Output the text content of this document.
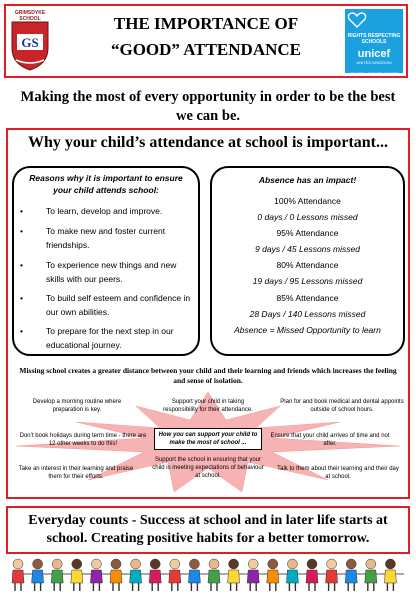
GS
GRIMSDYKE
SCHOOL	THE IMPORTANCE OF
“GOOD” ATTENDANCE
RIGHTS RESPECTING SCHOOLS
unicef
UNITED KINGDOM
SILVER · RIGHTS AWARE
Making the most of every opportunity in order to be the best we can be.
Why your child’s attendance at school is important...
Reasons why it is important to ensure your child attends school:
•	To learn, develop and improve.
•	To make new and foster current friendships.
•	To experience new things and new skills with our peers.
•	To build self esteem and confidence in our own abilities.
•	To prepare for the next step in our educational journey.
Absence has an impact!
100% Attendance
0 days / 0 Lessons missed
95% Attendance
9 days / 45 Lessons missed
80% Attendance
19 days / 95 Lessons missed
85% Attendance
28 Days / 140 Lessons missed
Absence = Missed Opportunity to learn
Missing school creates a greater distance between your child and their learning and friends which increases the feeling and sense of isolation.
Develop a morning routine where preparation is key.
Support your child in taking responsibility for their attendance.
Plan for and book medical and dental appoints outside of school hours.
Don’t book holidays during term time - there are 12 other weeks to do this!
How you can support your child to make the most of school ...
Ensure that your child arrives of time and not after.
Take an interest in their learning and praise them for their efforts.
Support the school in ensuring that your child is meeting expectations of behaviour at school.
Talk to them about their learning and their day at school.
Everyday counts - Success at school and in later life starts at school. Creating positive habits for a better tomorrow.
